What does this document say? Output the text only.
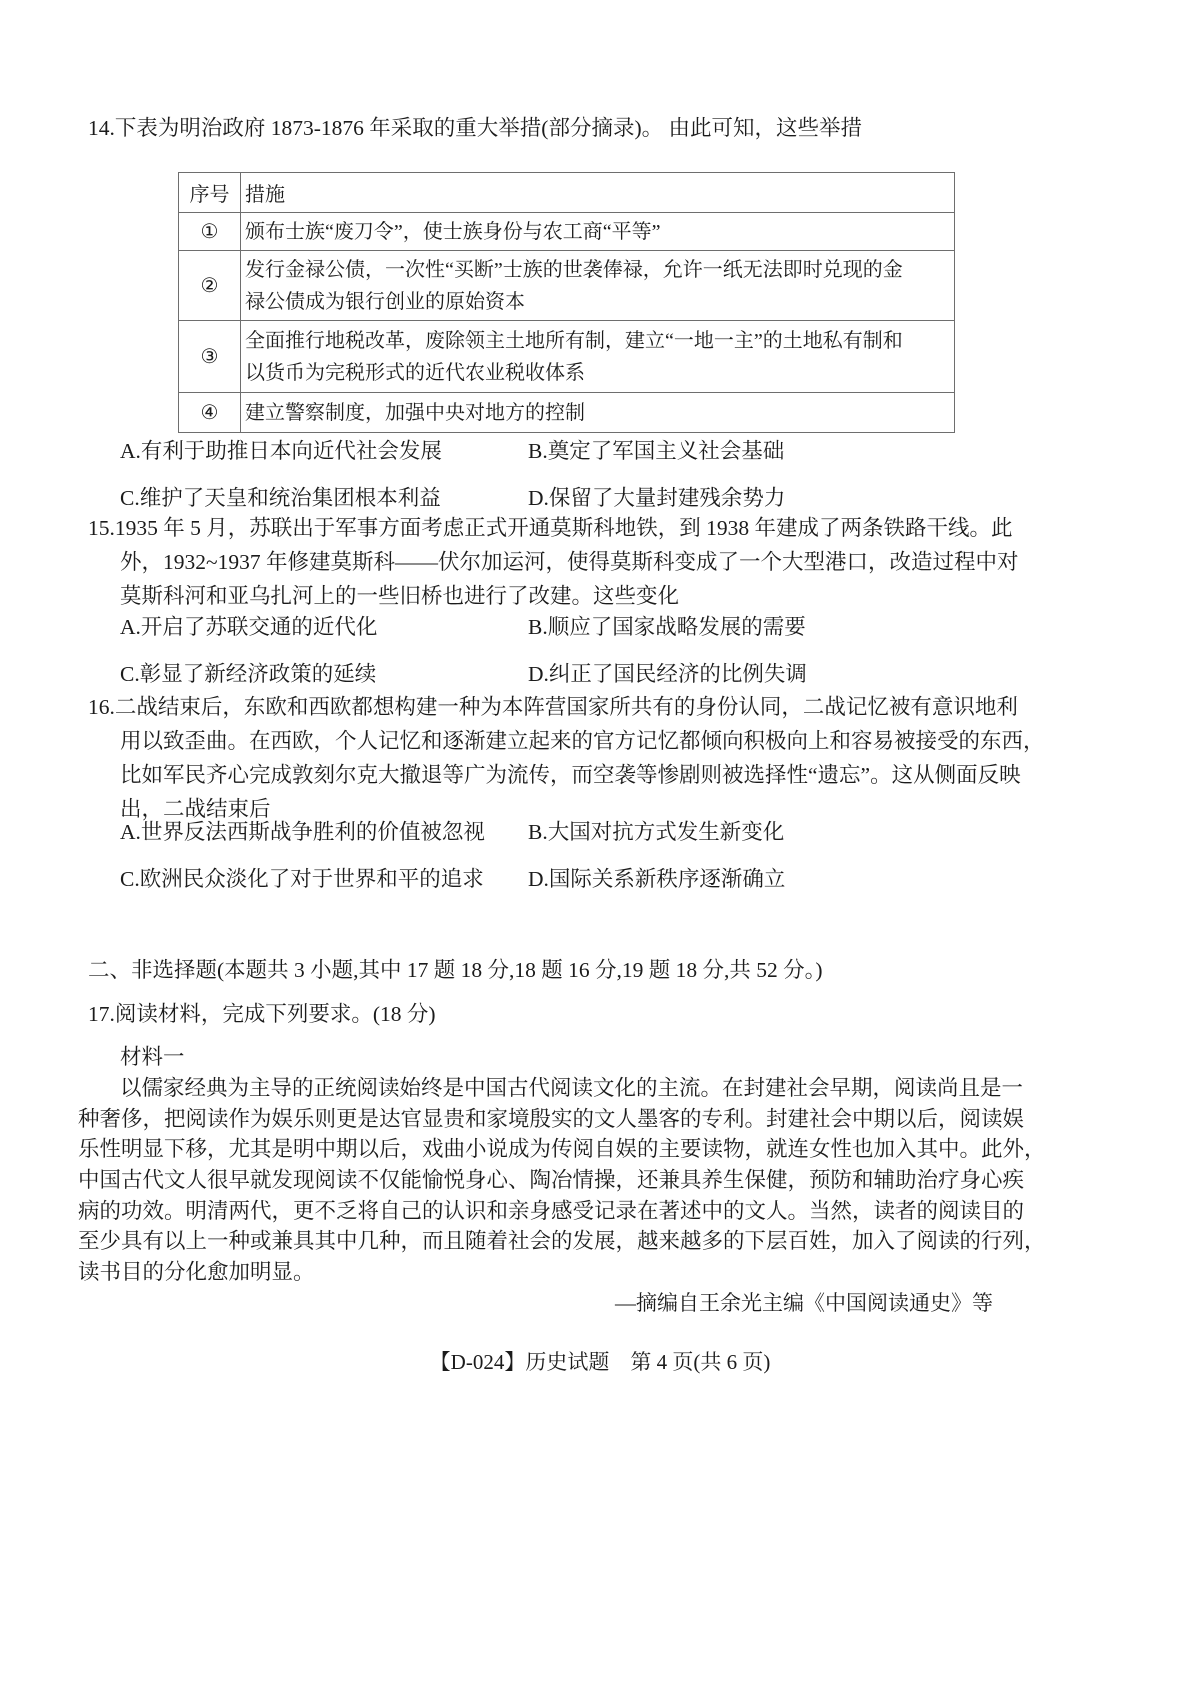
14.下表为明治政府 1873-1876 年采取的重大举措(部分摘录)。 由此可知，这些举措
序号	措施
①	颁布士族“废刀令”，使士族身份与农工商“平等”

②	发行金禄公债，一次性“买断”士族的世袭俸禄，允许一纸无法即时兑现的金
禄公债成为银行创业的原始资本

③	全面推行地税改革，废除领主土地所有制，建立“一地一主”的土地私有制和
以货币为完税形式的近代农业税收体系

④	建立警察制度，加强中央对地方的控制
A.有利于助推日本向近代社会发展	B.奠定了军国主义社会基础
C.维护了天皇和统治集团根本利益	D.保留了大量封建残余势力
15.1935 年 5 月，苏联出于军事方面考虑正式开通莫斯科地铁，到 1938 年建成了两条铁路干线。此
外，1932~1937 年修建莫斯科——伏尔加运河，使得莫斯科变成了一个大型港口，改造过程中对
莫斯科河和亚乌扎河上的一些旧桥也进行了改建。这些变化
A.开启了苏联交通的近代化	B.顺应了国家战略发展的需要
C.彰显了新经济政策的延续	D.纠正了国民经济的比例失调
16.二战结束后，东欧和西欧都想构建一种为本阵营国家所共有的身份认同，二战记忆被有意识地利
用以致歪曲。在西欧，个人记忆和逐渐建立起来的官方记忆都倾向积极向上和容易被接受的东西，
比如军民齐心完成敦刻尔克大撤退等广为流传，而空袭等惨剧则被选择性“遗忘”。这从侧面反映
出，二战结束后
A.世界反法西斯战争胜利的价值被忽视	B.大国对抗方式发生新变化
C.欧洲民众淡化了对于世界和平的追求	D.国际关系新秩序逐渐确立
二、非选择题(本题共 3 小题,其中 17 题 18 分,18 题 16 分,19 题 18 分,共 52 分。)
17.阅读材料，完成下列要求。(18 分)
材料一
以儒家经典为主导的正统阅读始终是中国古代阅读文化的主流。在封建社会早期，阅读尚且是一
种奢侈，把阅读作为娱乐则更是达官显贵和家境殷实的文人墨客的专利。封建社会中期以后，阅读娱
乐性明显下移，尤其是明中期以后，戏曲小说成为传阅自娱的主要读物，就连女性也加入其中。此外，
中国古代文人很早就发现阅读不仅能愉悦身心、陶冶情操，还兼具养生保健，预防和辅助治疗身心疾
病的功效。明清两代，更不乏将自己的认识和亲身感受记录在著述中的文人。当然，读者的阅读目的
至少具有以上一种或兼具其中几种，而且随着社会的发展，越来越多的下层百姓，加入了阅读的行列，
读书目的分化愈加明显。
—摘编自王余光主编《中国阅读通史》等
【D-024】历史试题　第 4 页(共 6 页)
